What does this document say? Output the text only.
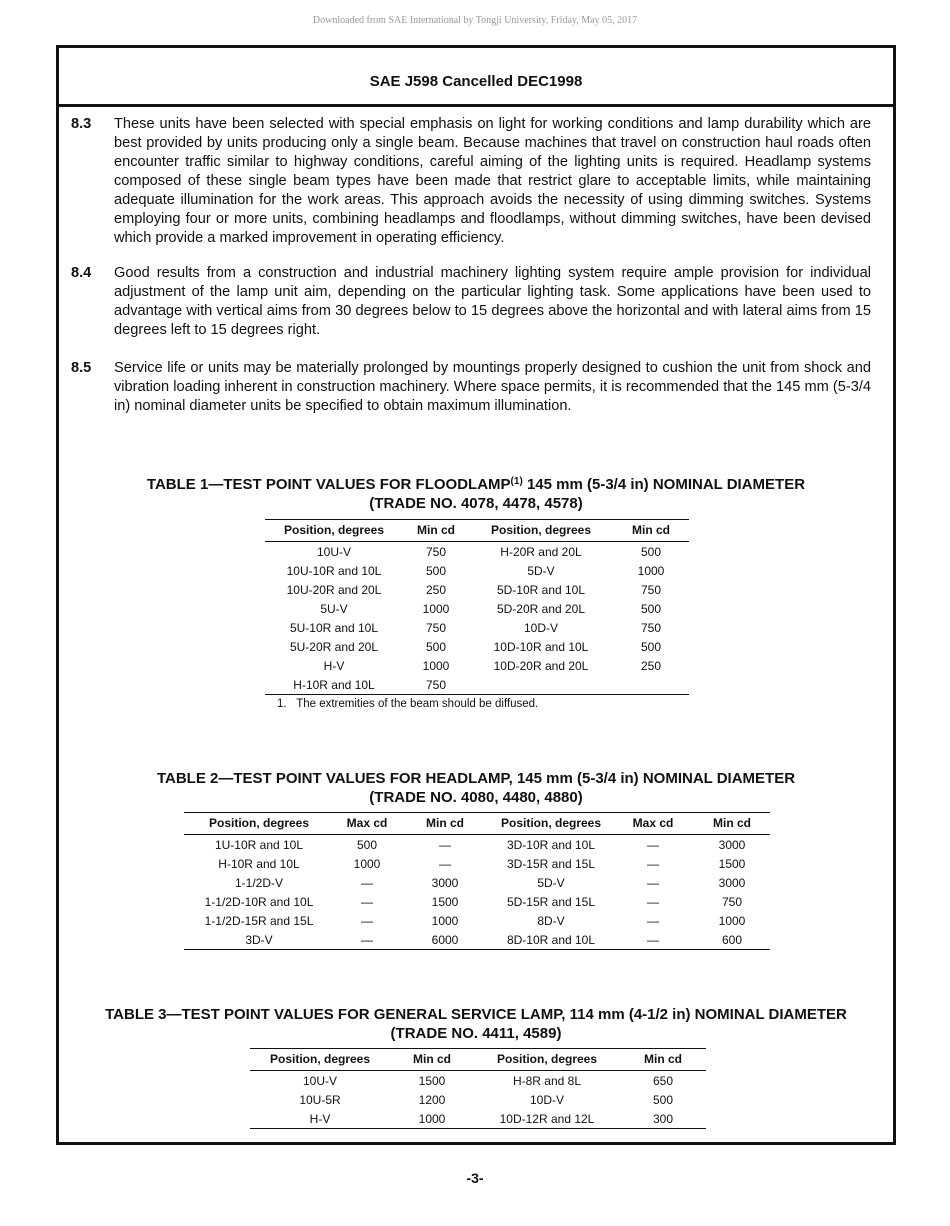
Downloaded from SAE International by Tongji University, Friday, May 05, 2017
SAE J598 Cancelled DEC1998
8.3	These units have been selected with special emphasis on light for working conditions and lamp durability which are best provided by units producing only a single beam. Because machines that travel on construction haul roads often encounter traffic similar to highway conditions, careful aiming of the lighting units is required. Headlamp systems composed of these single beam types have been made that restrict glare to acceptable limits, while maintaining adequate illumination for the work areas. This approach avoids the necessity of using dimming switches. Systems employing four or more units, combining headlamps and floodlamps, without dimming switches, have been devised which provide a marked improvement in operating efficiency.
8.4	Good results from a construction and industrial machinery lighting system require ample provision for individual adjustment of the lamp unit aim, depending on the particular lighting task. Some applications have been used to advantage with vertical aims from 30 degrees below to 15 degrees above the horizontal and with lateral aims from 15 degrees left to 15 degrees right.
8.5	Service life or units may be materially prolonged by mountings properly designed to cushion the unit from shock and vibration loading inherent in construction machinery. Where space permits, it is recommended that the 145 mm (5-3/4 in) nominal diameter units be specified to obtain maximum illumination.
TABLE 1—TEST POINT VALUES FOR FLOODLAMP$^{(1)}$ 145 mm (5-3/4 in) NOMINAL DIAMETER
(TRADE NO. 4078, 4478, 4578)
Position, degrees	Min cd	Position, degrees	Min cd
10U-V	750	H-20R and 20L	500
10U-10R and 10L	500	5D-V	1000
10U-20R and 20L	250	5D-10R and 10L	750
5U-V	1000	5D-20R and 20L	500
5U-10R and 10L	750	10D-V	750
5U-20R and 20L	500	10D-10R and 10L	500
H-V	1000	10D-20R and 20L	250
H-10R and 10L	750		
1. The extremities of the beam should be diffused.
TABLE 2—TEST POINT VALUES FOR HEADLAMP, 145 mm (5-3/4 in) NOMINAL DIAMETER
(TRADE NO. 4080, 4480, 4880)
Position, degrees	Max cd	Min cd	Position, degrees	Max cd	Min cd
1U-10R and 10L	500	—	3D-10R and 10L	—	3000
H-10R and 10L	1000	—	3D-15R and 15L	—	1500
1-1/2D-V	—	3000	5D-V	—	3000
1-1/2D-10R and 10L	—	1500	5D-15R and 15L	—	750
1-1/2D-15R and 15L	—	1000	8D-V	—	1000
3D-V	—	6000	8D-10R and 10L	—	600
TABLE 3—TEST POINT VALUES FOR GENERAL SERVICE LAMP, 114 mm (4-1/2 in) NOMINAL DIAMETER
(TRADE NO. 4411, 4589)
Position, degrees	Min cd	Position, degrees	Min cd
10U-V	1500	H-8R and 8L	650
10U-5R	1200	10D-V	500
H-V	1000	10D-12R and 12L	300
-3-
